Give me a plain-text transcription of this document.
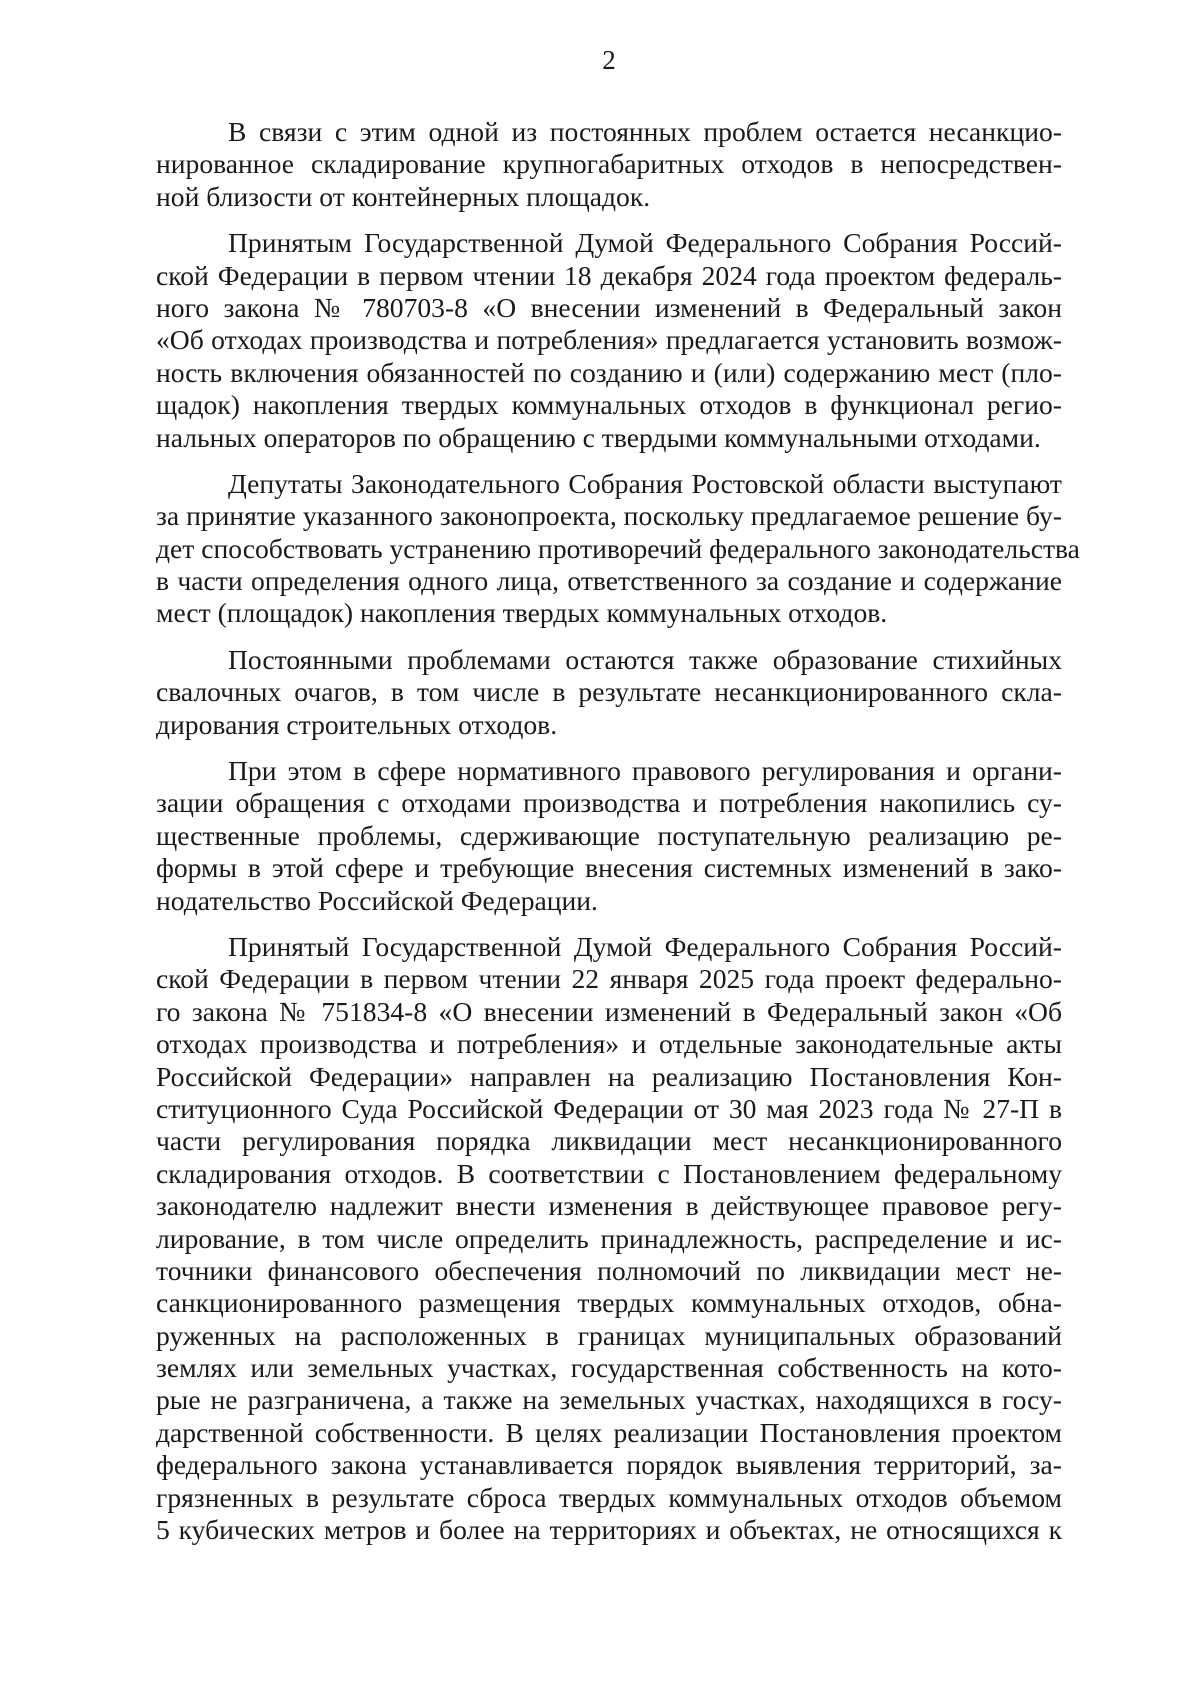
2
В связи с этим одной из постоянных проблем остается несанкцио-
нированное складирование крупногабаритных отходов в непосредствен-
ной близости от контейнерных площадок.
Принятым Государственной Думой Федерального Собрания Россий-
ской Федерации в первом чтении 18 декабря 2024 года проектом федераль-
ного закона № 780703-8 «О внесении изменений в Федеральный закон
«Об отходах производства и потребления» предлагается установить возмож-
ность включения обязанностей по созданию и (или) содержанию мест (пло-
щадок) накопления твердых коммунальных отходов в функционал регио-
нальных операторов по обращению с твердыми коммунальными отходами.
Депутаты Законодательного Собрания Ростовской области выступают
за принятие указанного законопроекта, поскольку предлагаемое решение бу-
дет способствовать устранению противоречий федерального законодательства
в части определения одного лица, ответственного за создание и содержание
мест (площадок) накопления твердых коммунальных отходов.
Постоянными проблемами остаются также образование стихийных
свалочных очагов, в том числе в результате несанкционированного скла-
дирования строительных отходов.
При этом в сфере нормативного правового регулирования и органи-
зации обращения с отходами производства и потребления накопились су-
щественные проблемы, сдерживающие поступательную реализацию ре-
формы в этой сфере и требующие внесения системных изменений в зако-
нодательство Российской Федерации.
Принятый Государственной Думой Федерального Собрания Россий-
ской Федерации в первом чтении 22 января 2025 года проект федерально-
го закона № 751834-8 «О внесении изменений в Федеральный закон «Об
отходах производства и потребления» и отдельные законодательные акты
Российской Федерации» направлен на реализацию Постановления Кон-
ституционного Суда Российской Федерации от 30 мая 2023 года № 27-П в
части регулирования порядка ликвидации мест несанкционированного
складирования отходов. В соответствии с Постановлением федеральному
законодателю надлежит внести изменения в действующее правовое регу-
лирование, в том числе определить принадлежность, распределение и ис-
точники финансового обеспечения полномочий по ликвидации мест не-
санкционированного размещения твердых коммунальных отходов, обна-
руженных на расположенных в границах муниципальных образований
землях или земельных участках, государственная собственность на кото-
рые не разграничена, а также на земельных участках, находящихся в госу-
дарственной собственности. В целях реализации Постановления проектом
федерального закона устанавливается порядок выявления территорий, за-
грязненных в результате сброса твердых коммунальных отходов объемом
5 кубических метров и более на территориях и объектах, не относящихся к
